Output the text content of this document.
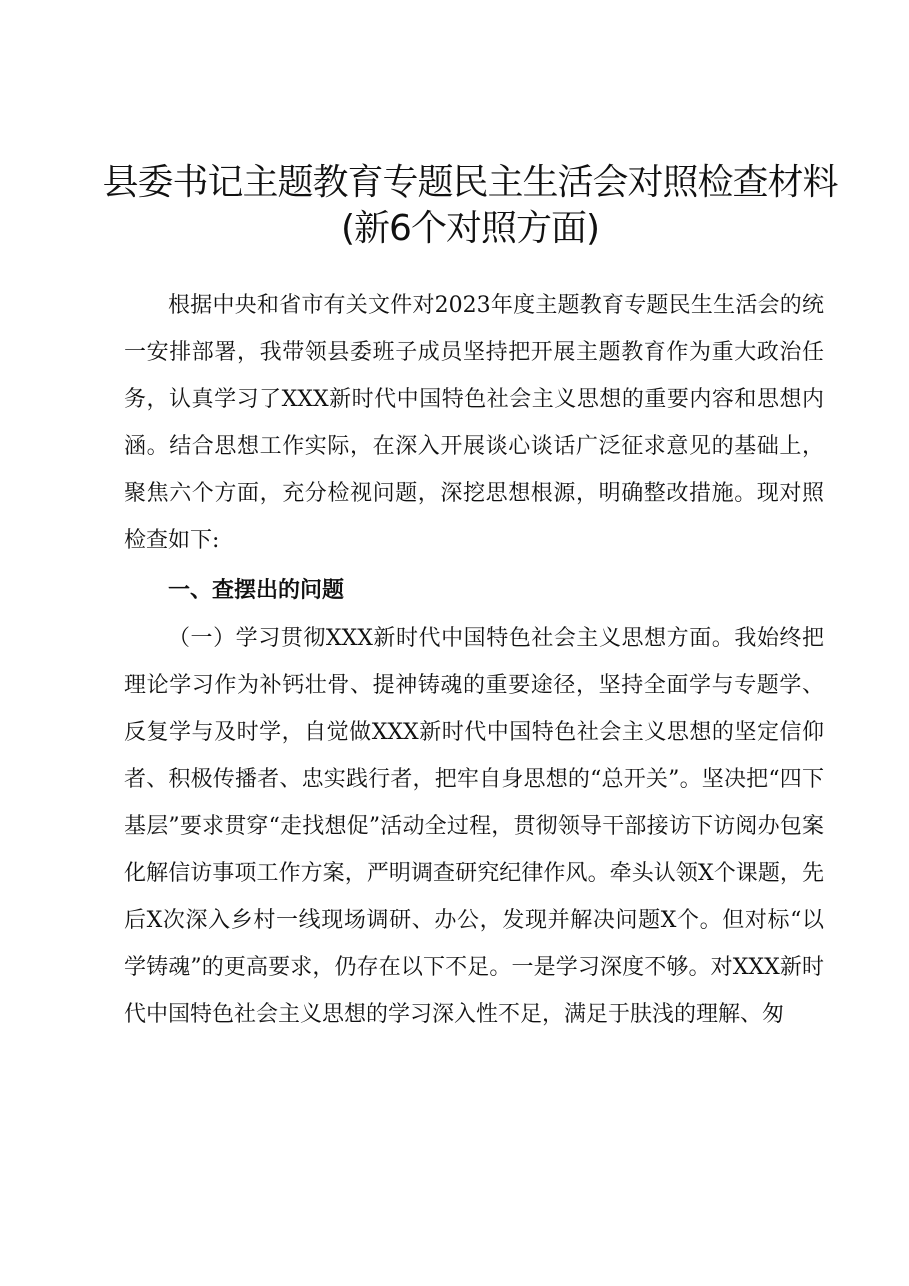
县委书记主题教育专题民主生活会对照检查材料
(新6个对照方面)

根据中央和省市有关文件对2023年度主题教育专题民生生活会的统一安排部署，我带领县委班子成员坚持把开展主题教育作为重大政治任务，认真学习了XXX新时代中国特色社会主义思想的重要内容和思想内涵。结合思想工作实际，在深入开展谈心谈话广泛征求意见的基础上，聚焦六个方面，充分检视问题，深挖思想根源，明确整改措施。现对照检查如下:

一、查摆出的问题

（一）学习贯彻XXX新时代中国特色社会主义思想方面。我始终把理论学习作为补钙壮骨、提神铸魂的重要途径，坚持全面学与专题学、反复学与及时学，自觉做XXX新时代中国特色社会主义思想的坚定信仰者、积极传播者、忠实践行者，把牢自身思想的“总开关”。坚决把“四下基层”要求贯穿“走找想促”活动全过程，贯彻领导干部接访下访阅办包案化解信访事项工作方案，严明调查研究纪律作风。牵头认领X个课题，先后X次深入乡村一线现场调研、办公，发现并解决问题X个。但对标“以学铸魂”的更高要求，仍存在以下不足。一是学习深度不够。对XXX新时代中国特色社会主义思想的学习深入性不足，满足于肤浅的理解、匆
